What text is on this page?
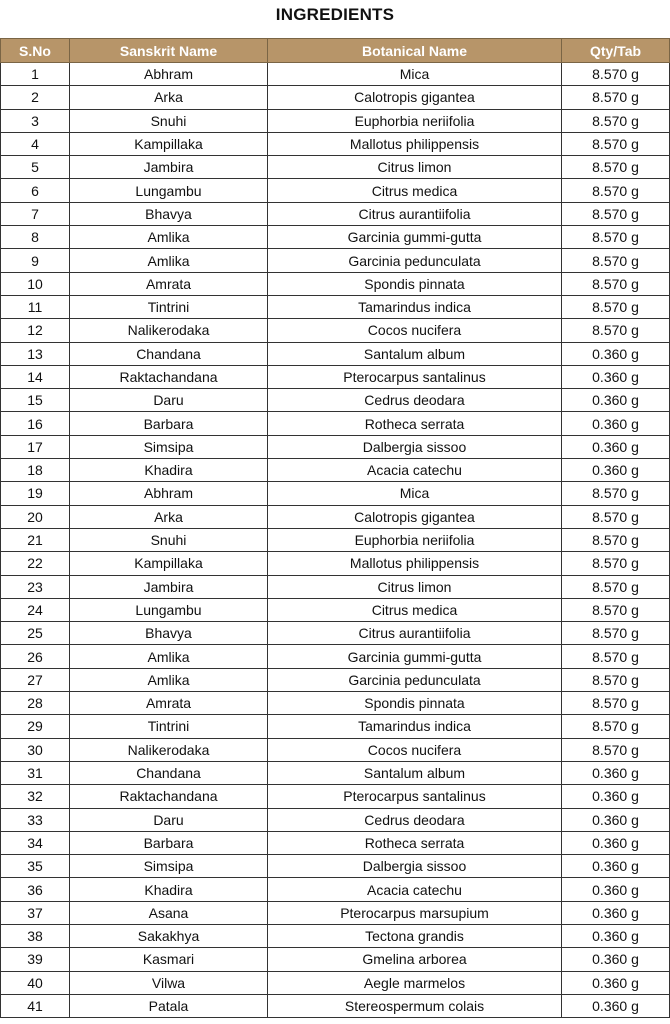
INGREDIENTS
S.No	Sanskrit Name	Botanical Name	Qty/Tab
1	Abhram	Mica	8.570 g
2	Arka	Calotropis gigantea	8.570 g
3	Snuhi	Euphorbia neriifolia	8.570 g
4	Kampillaka	Mallotus philippensis	8.570 g
5	Jambira	Citrus limon	8.570 g
6	Lungambu	Citrus medica	8.570 g
7	Bhavya	Citrus aurantiifolia	8.570 g
8	Amlika	Garcinia gummi-gutta	8.570 g
9	Amlika	Garcinia pedunculata	8.570 g
10	Amrata	Spondis pinnata	8.570 g
11	Tintrini	Tamarindus indica	8.570 g
12	Nalikerodaka	Cocos nucifera	8.570 g
13	Chandana	Santalum album	0.360 g
14	Raktachandana	Pterocarpus santalinus	0.360 g
15	Daru	Cedrus deodara	0.360 g
16	Barbara	Rotheca serrata	0.360 g
17	Simsipa	Dalbergia sissoo	0.360 g
18	Khadira	Acacia catechu	0.360 g
19	Abhram	Mica	8.570 g
20	Arka	Calotropis gigantea	8.570 g
21	Snuhi	Euphorbia neriifolia	8.570 g
22	Kampillaka	Mallotus philippensis	8.570 g
23	Jambira	Citrus limon	8.570 g
24	Lungambu	Citrus medica	8.570 g
25	Bhavya	Citrus aurantiifolia	8.570 g
26	Amlika	Garcinia gummi-gutta	8.570 g
27	Amlika	Garcinia pedunculata	8.570 g
28	Amrata	Spondis pinnata	8.570 g
29	Tintrini	Tamarindus indica	8.570 g
30	Nalikerodaka	Cocos nucifera	8.570 g
31	Chandana	Santalum album	0.360 g
32	Raktachandana	Pterocarpus santalinus	0.360 g
33	Daru	Cedrus deodara	0.360 g
34	Barbara	Rotheca serrata	0.360 g
35	Simsipa	Dalbergia sissoo	0.360 g
36	Khadira	Acacia catechu	0.360 g
37	Asana	Pterocarpus marsupium	0.360 g
38	Sakakhya	Tectona grandis	0.360 g
39	Kasmari	Gmelina arborea	0.360 g
40	Vilwa	Aegle marmelos	0.360 g
41	Patala	Stereospermum colais	0.360 g
